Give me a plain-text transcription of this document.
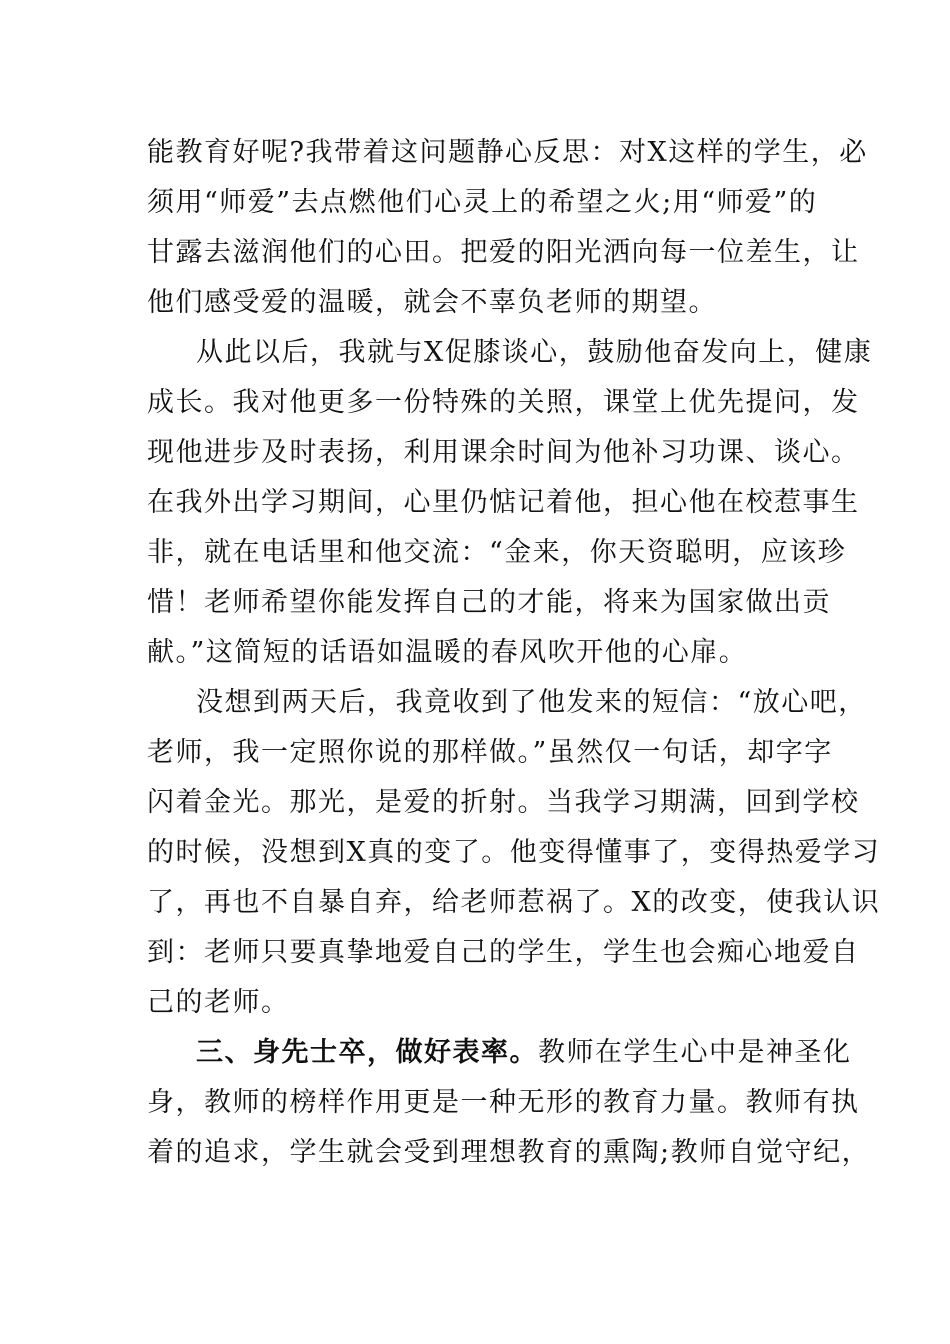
能教育好呢?我带着这问题静心反思：对X这样的学生，必
须用“师爱”去点燃他们心灵上的希望之火;用“师爱”的
甘露去滋润他们的心田。把爱的阳光洒向每一位差生，让
他们感受爱的温暖，就会不辜负老师的期望。
从此以后，我就与X促膝谈心，鼓励他奋发向上，健康
成长。我对他更多一份特殊的关照，课堂上优先提问，发
现他进步及时表扬，利用课余时间为他补习功课、谈心。
在我外出学习期间，心里仍惦记着他，担心他在校惹事生
非，就在电话里和他交流：“金来，你天资聪明，应该珍
惜！老师希望你能发挥自己的才能，将来为国家做出贡
献。”这简短的话语如温暖的春风吹开他的心扉。
没想到两天后，我竟收到了他发来的短信：“放心吧，
老师，我一定照你说的那样做。”虽然仅一句话，却字字
闪着金光。那光，是爱的折射。当我学习期满，回到学校
的时候，没想到X真的变了。他变得懂事了，变得热爱学习
了，再也不自暴自弃，给老师惹祸了。X的改变，使我认识
到：老师只要真挚地爱自己的学生，学生也会痴心地爱自
己的老师。
三、身先士卒，做好表率。教师在学生心中是神圣化
身，教师的榜样作用更是一种无形的教育力量。教师有执
着的追求，学生就会受到理想教育的熏陶;教师自觉守纪，
